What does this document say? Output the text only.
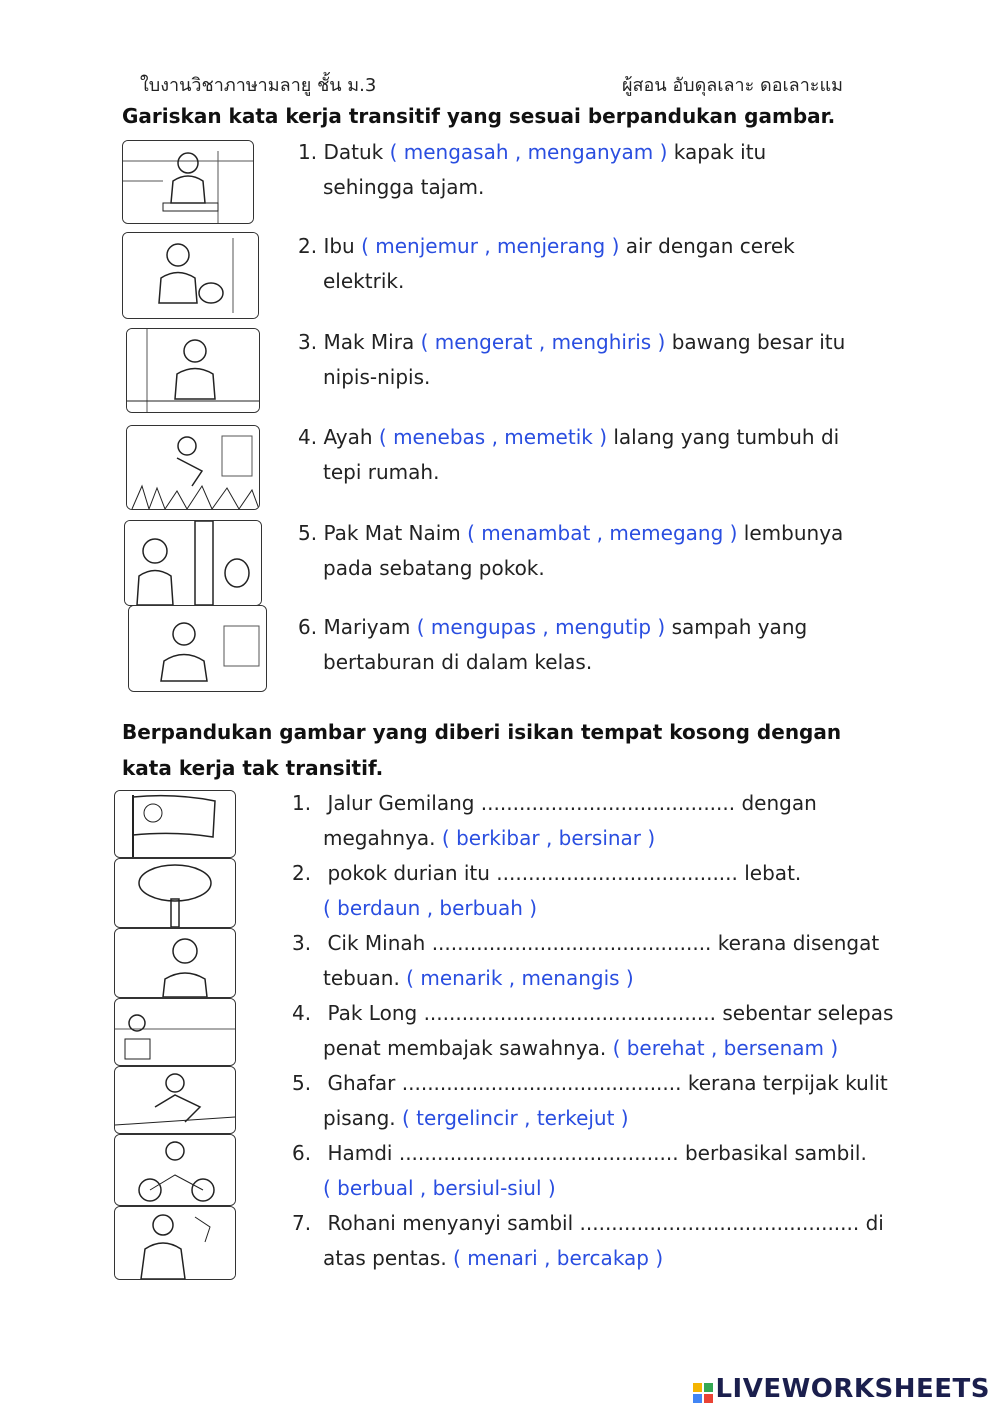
ใบงานวิชาภาษามลายู ชั้น ม.3	ผู้สอน อับดุลเลาะ ดอเลาะแม
Gariskan kata kerja transitif yang sesuai berpandukan gambar.
1. Datuk ( mengasah , menganyam ) kapak itu
sehingga tajam.
2. Ibu ( menjemur , menjerang ) air dengan cerek
elektrik.
3. Mak Mira ( mengerat , menghiris ) bawang besar itu
nipis-nipis.
4. Ayah ( menebas , memetik ) lalang yang tumbuh di
tepi rumah.
5. Pak Mat Naim ( menambat , memegang ) lembunya
pada sebatang pokok.
6. Mariyam ( mengupas , mengutip ) sampah yang
bertaburan di dalam kelas.
Berpandukan gambar yang diberi isikan tempat kosong dengan
kata kerja tak transitif.
1. Jalur Gemilang ........................................ dengan
megahnya. ( berkibar , bersinar )
2. pokok durian itu ...................................... lebat.
( berdaun , berbuah )
3. Cik Minah ............................................ kerana disengat
tebuan. ( menarik , menangis )
4. Pak Long .............................................. sebentar selepas
penat membajak sawahnya. ( berehat , bersenam )
5. Ghafar ............................................ kerana terpijak kulit
pisang. ( tergelincir , terkejut )
6. Hamdi ............................................ berbasikal sambil.
( berbual , bersiul-siul )
7. Rohani menyanyi sambil ............................................ di
atas pentas. ( menari , bercakap )
LIVEWORKSHEETS
